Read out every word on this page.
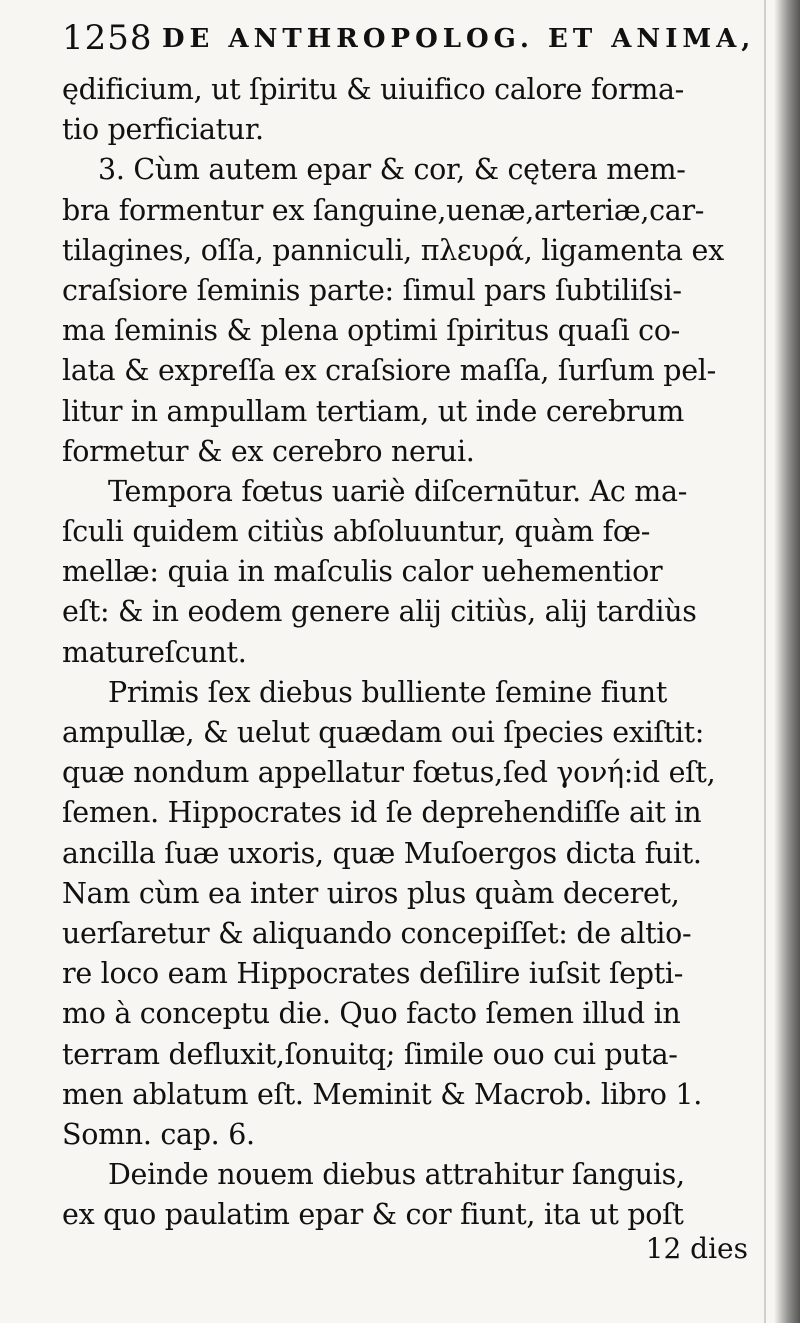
1258 DE ANTHROPOLOG. ET ANIMA,
ędificium, ut ſpiritu & uiuifico calore forma-
tio perficiatur.
3. Cùm autem epar & cor, & cętera mem-
bra formentur ex ſanguine,uenæ,arteriæ,car-
tilagines, oſſa, panniculi, πλευρά, ligamenta ex
craſsiore ſeminis parte: ſimul pars ſubtiliſsi-
ma ſeminis & plena optimi ſpiritus quaſi co-
lata & expreſſa ex craſsiore maſſa, ſurſum pel-
litur in ampullam tertiam, ut inde cerebrum
formetur & ex cerebro nerui.
Tempora fœtus uariè diſcernūtur. Ac ma-
ſculi quidem citiùs abſoluuntur, quàm fœ-
mellæ: quia in maſculis calor uehementior
eſt: & in eodem genere alij citiùs, alij tardiùs
matureſcunt.
Primis ſex diebus bulliente ſemine fiunt
ampullæ, & uelut quædam oui ſpecies exiſtit:
quæ nondum appellatur fœtus,ſed γονή:id eſt,
ſemen. Hippocrates id ſe deprehendiſſe ait in
ancilla ſuæ uxoris, quæ Muſoergos dicta fuit.
Nam cùm ea inter uiros plus quàm deceret,
uerſaretur & aliquando concepiſſet: de altio-
re loco eam Hippocrates deſilire iuſsit ſepti-
mo à conceptu die. Quo facto ſemen illud in
terram defluxit,ſonuitq; ſimile ouo cui puta-
men ablatum eſt. Meminit & Macrob. libro 1.
Somn. cap. 6.
Deinde nouem diebus attrahitur ſanguis,
ex quo paulatim epar & cor fiunt, ita ut poſt
12 dies
